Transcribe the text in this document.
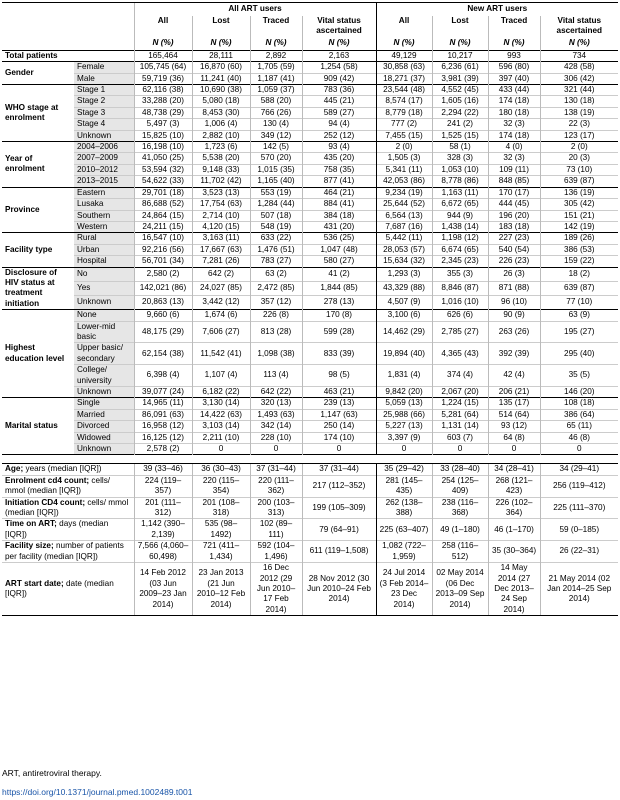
		All ART users				New ART users			
		All	Lost	Traced	Vital status ascertained	All	Lost	Traced	Vital status ascertained
		N (%)	N (%)	N (%)	N (%)	N (%)	N (%)	N (%)	N (%)
Total patients		165,464	28,111	2,892	2,163	49,129	10,217	993	734
Gender	Female	105,745 (64)	16,870 (60)	1,705 (59)	1,254 (58)	30,858 (63)	6,236 (61)	596 (80)	428 (58)
	Male	59,719 (36)	11,241 (40)	1,187 (41)	909 (42)	18,271 (37)	3,981 (39)	397 (40)	306 (42)
WHO stage at enrolment	Stage 1	62,116 (38)	10,690 (38)	1,059 (37)	783 (36)	23,544 (48)	4,552 (45)	433 (44)	321 (44)
	Stage 2	33,288 (20)	5,080 (18)	588 (20)	445 (21)	8,574 (17)	1,605 (16)	174 (18)	130 (18)
	Stage 3	48,738 (29)	8,453 (30)	766 (26)	589 (27)	8,779 (18)	2,294 (22)	180 (18)	138 (19)
	Stage 4	5,497 (3)	1,006 (4)	130 (4)	94 (4)	777 (2)	241 (2)	32 (3)	22 (3)
	Unknown	15,825 (10)	2,882 (10)	349 (12)	252 (12)	7,455 (15)	1,525 (15)	174 (18)	123 (17)
Year of enrolment	2004–2006	16,198 (10)	1,723 (6)	142 (5)	93 (4)	2 (0)	58 (1)	4 (0)	2 (0)
	2007–2009	41,050 (25)	5,538 (20)	570 (20)	435 (20)	1,505 (3)	328 (3)	32 (3)	20 (3)
	2010–2012	53,594 (32)	9,148 (33)	1,015 (35)	758 (35)	5,341 (11)	1,053 (10)	109 (11)	73 (10)
	2013–2015	54,622 (33)	11,702 (42)	1,165 (40)	877 (41)	42,053 (86)	8,778 (86)	848 (85)	639 (87)
Province	Eastern	29,701 (18)	3,523 (13)	553 (19)	464 (21)	9,234 (19)	1,163 (11)	170 (17)	136 (19)
	Lusaka	86,688 (52)	17,754 (63)	1,284 (44)	884 (41)	25,644 (52)	6,672 (65)	444 (45)	305 (42)
	Southern	24,864 (15)	2,714 (10)	507 (18)	384 (18)	6,564 (13)	944 (9)	196 (20)	151 (21)
	Western	24,211 (15)	4,120 (15)	548 (19)	431 (20)	7,687 (16)	1,438 (14)	183 (18)	142 (19)
Facility type	Rural	16,547 (10)	3,163 (11)	633 (22)	536 (25)	5,442 (11)	1,198 (12)	227 (23)	189 (26)
	Urban	92,216 (56)	17,667 (63)	1,476 (51)	1,047 (48)	28,053 (57)	6,674 (65)	540 (54)	386 (53)
	Hospital	56,701 (34)	7,281 (26)	783 (27)	580 (27)	15,634 (32)	2,345 (23)	226 (23)	159 (22)
Disclosure of HIV status at treatment initiation	No	2,580 (2)	642 (2)	63 (2)	41 (2)	1,293 (3)	355 (3)	26 (3)	18 (2)
	Yes	142,021 (86)	24,027 (85)	2,472 (85)	1,844 (85)	43,329 (88)	8,846 (87)	871 (88)	639 (87)
	Unknown	20,863 (13)	3,442 (12)	357 (12)	278 (13)	4,507 (9)	1,016 (10)	96 (10)	77 (10)
Highest education level	None	9,660 (6)	1,674 (6)	226 (8)	170 (8)	3,100 (6)	626 (6)	90 (9)	63 (9)
	Lower-mid basic	48,175 (29)	7,606 (27)	813 (28)	599 (28)	14,462 (29)	2,785 (27)	263 (26)	195 (27)
	Upper basic/ secondary	62,154 (38)	11,542 (41)	1,098 (38)	833 (39)	19,894 (40)	4,365 (43)	392 (39)	295 (40)
	College/ university	6,398 (4)	1,107 (4)	113 (4)	98 (5)	1,831 (4)	374 (4)	42 (4)	35 (5)
	Unknown	39,077 (24)	6,182 (22)	642 (22)	463 (21)	9,842 (20)	2,067 (20)	206 (21)	146 (20)
Marital status	Single	14,965 (11)	3,130 (14)	320 (13)	239 (13)	5,059 (13)	1,224 (15)	135 (17)	108 (18)
	Married	86,091 (63)	14,422 (63)	1,493 (63)	1,147 (63)	25,988 (66)	5,281 (64)	514 (64)	386 (64)
	Divorced	16,958 (12)	3,103 (14)	342 (14)	250 (14)	5,227 (13)	1,131 (14)	93 (12)	65 (11)
	Widowed	16,125 (12)	2,211 (10)	228 (10)	174 (10)	3,397 (9)	603 (7)	64 (8)	46 (8)
	Unknown	2,578 (2)	0	0	0	0	0	0	0

Age; years (median [IQR])		39 (33–46)	36 (30–43)	37 (31–44)	37 (31–44)	35 (29–42)	33 (28–40)	34 (28–41)	34 (29–41)
Enrolment cd4 count; cells/ mmol (median [IQR])		224 (119–357)	220 (115–354)	220 (111–362)	217 (112–352)	281 (145–435)	254 (125–409)	268 (121–423)	256 (119–412)
Initiation CD4 count; cells/ mmol (median [IQR])		201 (111–312)	201 (108–318)	200 (103–313)	199 (105–309)	262 (138–388)	238 (116–368)	226 (102–364)	225 (111–370)
Time on ART; days (median [IQR])		1,142 (390–2,139)	535 (98–1492)	102 (89–111)	79 (64–91)	225 (63–407)	49 (1–180)	46 (1–170)	59 (0–185)
Facility size; number of patients per facility (median [IQR])		7,566 (4,060–60,498)	721 (411–1,434)	592 (104–1,496)	611 (119–1,508)	1,082 (722–1,959)	258 (116–512)	35 (30–364)	26 (22–31)
ART start date; date (median [IQR])		14 Feb 2012 (03 Jun 2009–23 Jan 2014)	23 Jan 2013 (21 Jun 2010–12 Feb 2014)	16 Dec 2012 (29 Jun 2010–17 Feb 2014)	28 Nov 2012 (30 Jun 2010–24 Feb 2014)	24 Jul 2014 (3 Feb 2014–23 Dec 2014)	02 May 2014 (06 Dec 2013–09 Sep 2014)	14 May 2014 (27 Dec 2013–24 Sep 2014)	21 May 2014 (02 Jan 2014–25 Sep 2014)
ART, antiretroviral therapy.
https://doi.org/10.1371/journal.pmed.1002489.t001
